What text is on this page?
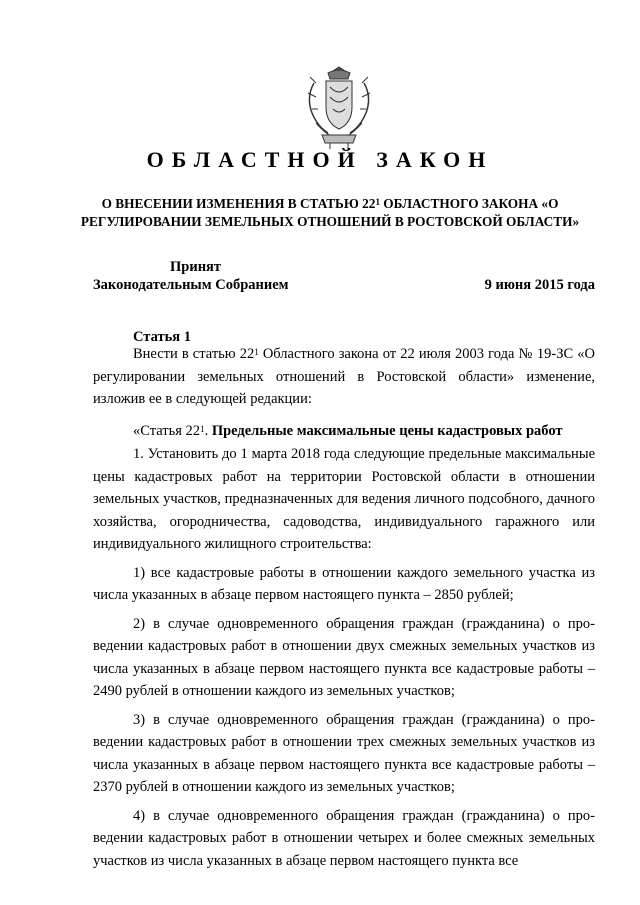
ОБЛАСТНОЙ ЗАКОН
О ВНЕСЕНИИ ИЗМЕНЕНИЯ В СТАТЬЮ $22^1$ ОБЛАСТНОГО ЗАКОНА «О РЕГУЛИРОВАНИИ ЗЕМЕЛЬНЫХ ОТНОШЕНИЙ В РОСТОВСКОЙ ОБЛАСТИ»
Принят
Законодательным Собранием	9 июня 2015 года
Статья 1

Внести в статью $22^1$ Областного закона от 22 июля 2003 года № 19-ЗС «О регулировании земельных отношений в Ростовской области» изменение, изложив ее в следующей редакции:

«Статья $22^1$. Предельные максимальные цены кадастровых работ

1. Установить до 1 марта 2018 года следующие предельные максимальные цены кадастровых работ на территории Ростовской области в отношении земельных участков, предназначенных для ведения личного подсобного, дачного хозяйства, огородничества, садоводства, индивидуального гаражного или индивидуального жилищного строительства:

1) все кадастровые работы в отношении каждого земельного участка из числа указанных в абзаце первом настоящего пункта – 2850 рублей;

2) в случае одновременного обращения граждан (гражданина) о проведении кадастровых работ в отношении двух смежных земельных участков из числа указанных в абзаце первом настоящего пункта все кадастровые работы – 2490 рублей в отношении каждого из земельных участков;

3) в случае одновременного обращения граждан (гражданина) о проведении кадастровых работ в отношении трех смежных земельных участков из числа указанных в абзаце первом настоящего пункта все кадастровые работы – 2370 рублей в отношении каждого из земельных участков;

4) в случае одновременного обращения граждан (гражданина) о проведении кадастровых работ в отношении четырех и более смежных земельных участков из числа указанных в абзаце первом настоящего пункта все
